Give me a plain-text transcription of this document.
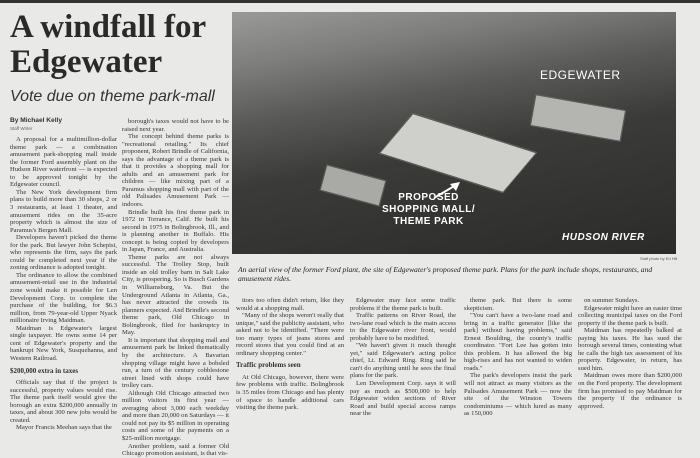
A windfall for Edgewater
Vote due on theme park-mall
By Michael Kelly
Staff Writer

A proposal for a multimillion-dollar theme park — a combination amusement park-shopping mall inside the former Ford assembly plant on the Hudson River waterfront — is expected to be approved tonight by the Edgewater council.

The New York development firm plans to build more than 30 shops, 2 or 3 restaurants, at least 1 theater, and amusement rides on the 35-acre property which is almost the size of Paramus's Bergen Mall.

Developers haven't picked the theme for the park. But lawyer John Schepisi, who represents the firm, says the park could be completed next year if the zoning ordinance is adopted tonight.

The ordinance to allow the combined amusement-retail use in the industrial zone would make it possible for Len Development Corp. to complete the purchase of the building, for $6.3 million, from 79-year-old Upper Nyack millionaire Irving Maidman.

Maidman is Edgewater's largest single taxpayer. He owns some 14 per cent of Edgewater's property and the bankrupt New York, Susquehanna, and Western Railroad.

$200,000 extra in taxes

Officials say that if the project is successful, property values would rise. The theme park itself would give the borough an extra $200,000 annually in taxes, and about 300 new jobs would be created.

Mayor Francis Meehan says that the

borough's taxes would not have to be raised next year.

The concept behind theme parks is "recreational retailing." Its chief proponent, Robert Brindle of California, says the advantage of a theme park is that it provides a shopping mall for adults and an amusement park for children — like mixing part of a Paramus shopping mall with part of the old Palisades Amusement Park — indoors.

Brindle built his first theme park in 1972 in Torrance, Calif. He built his second in 1975 in Bolingbrook, Ill., and is planning another in Buffalo. His concept is being copied by developers in Japan, France, and Australia.

Theme parks are not always successful. The Trolley Stop, built inside an old trolley barn in Salt Lake City, is prospering. So is Busch Gardens in Williamsburg, Va. But the Underground Atlanta in Atlanta, Ga., has never attracted the crowds its planners expected. And Brindle's second theme park, Old Chicago in Bolingbrook, filed for bankruptcy in May.

It is important that shopping mall and amusement park be linked thematically by the architecture. A Bavarian shopping village might have a bobsled run, a turn of the century cobblestone street lined with shops could have trolley cars.

Although Old Chicago attracted two million visitors its first year — averaging about 3,000 each weekday and more than 20,000 on Saturdays — it could not pay its $5 million in operating costs and some of the payments on a $25-million mortgage.

Another problem, said a former Old Chicago promotion assistant, is that vis-

EDGEWATER
PROPOSED
SHOPPING MALL/
THEME PARK
HUDSON RIVER
Staff photo by Ed Hill
An aerial view of the former Ford plant, the site of Edgewater's proposed theme park. Plans for the park include shops, restaurants, and amusement rides.

itors too often didn't return, like they would at a shopping mall.

"Many of the shops weren't really that unique," said the publicity assistant, who asked not to be identified. "There were too many types of jeans stores and record stores that you could find at an ordinary shopping center."

Traffic problems seen

At Old Chicago, however, there were few problems with traffic. Bolingbrook is 35 miles from Chicago and has plenty of space to handle additional cars visiting the theme park.

Edgewater may face some traffic problems if the theme park is built.

Traffic patterns on River Road, the two-lane road which is the main access to the Edgewater river front, would probably have to be modified.

"We haven't given it much thought yet," said Edgewater's acting police chief, Lt. Edward Ring. Ring said he can't do anything until he sees the final plans for the park.

Len Development Corp. says it will pay as much as $500,000 to help Edgewater widen sections of River Road and build special access ramps near the

theme park. But there is some skepticism.

"You can't have a two-lane road and bring in a traffic generator [like the park] without having problems," said Ernest Boulding, the county's traffic coordinator. "Fort Lee has gotten into this problem. It has allowed the big high-rises and has not wanted to widen roads."

The park's developers insist the park will not attract as many visitors as the Palisades Amusement Park — now the site of the Winston Towers condominiums — which lured as many as 150,000

on summer Sundays.

Edgewater might have an easier time collecting municipal taxes on the Ford property if the theme park is built.

Maidman has repeatedly balked at paying his taxes. He has sued the borough several times, contesting what he calls the high tax assessment of his property. Edgewater, in return, has sued him.

Maidman owes more than $200,000 on the Ford property. The development firm has promised to pay Maidman for the property if the ordinance is approved.
